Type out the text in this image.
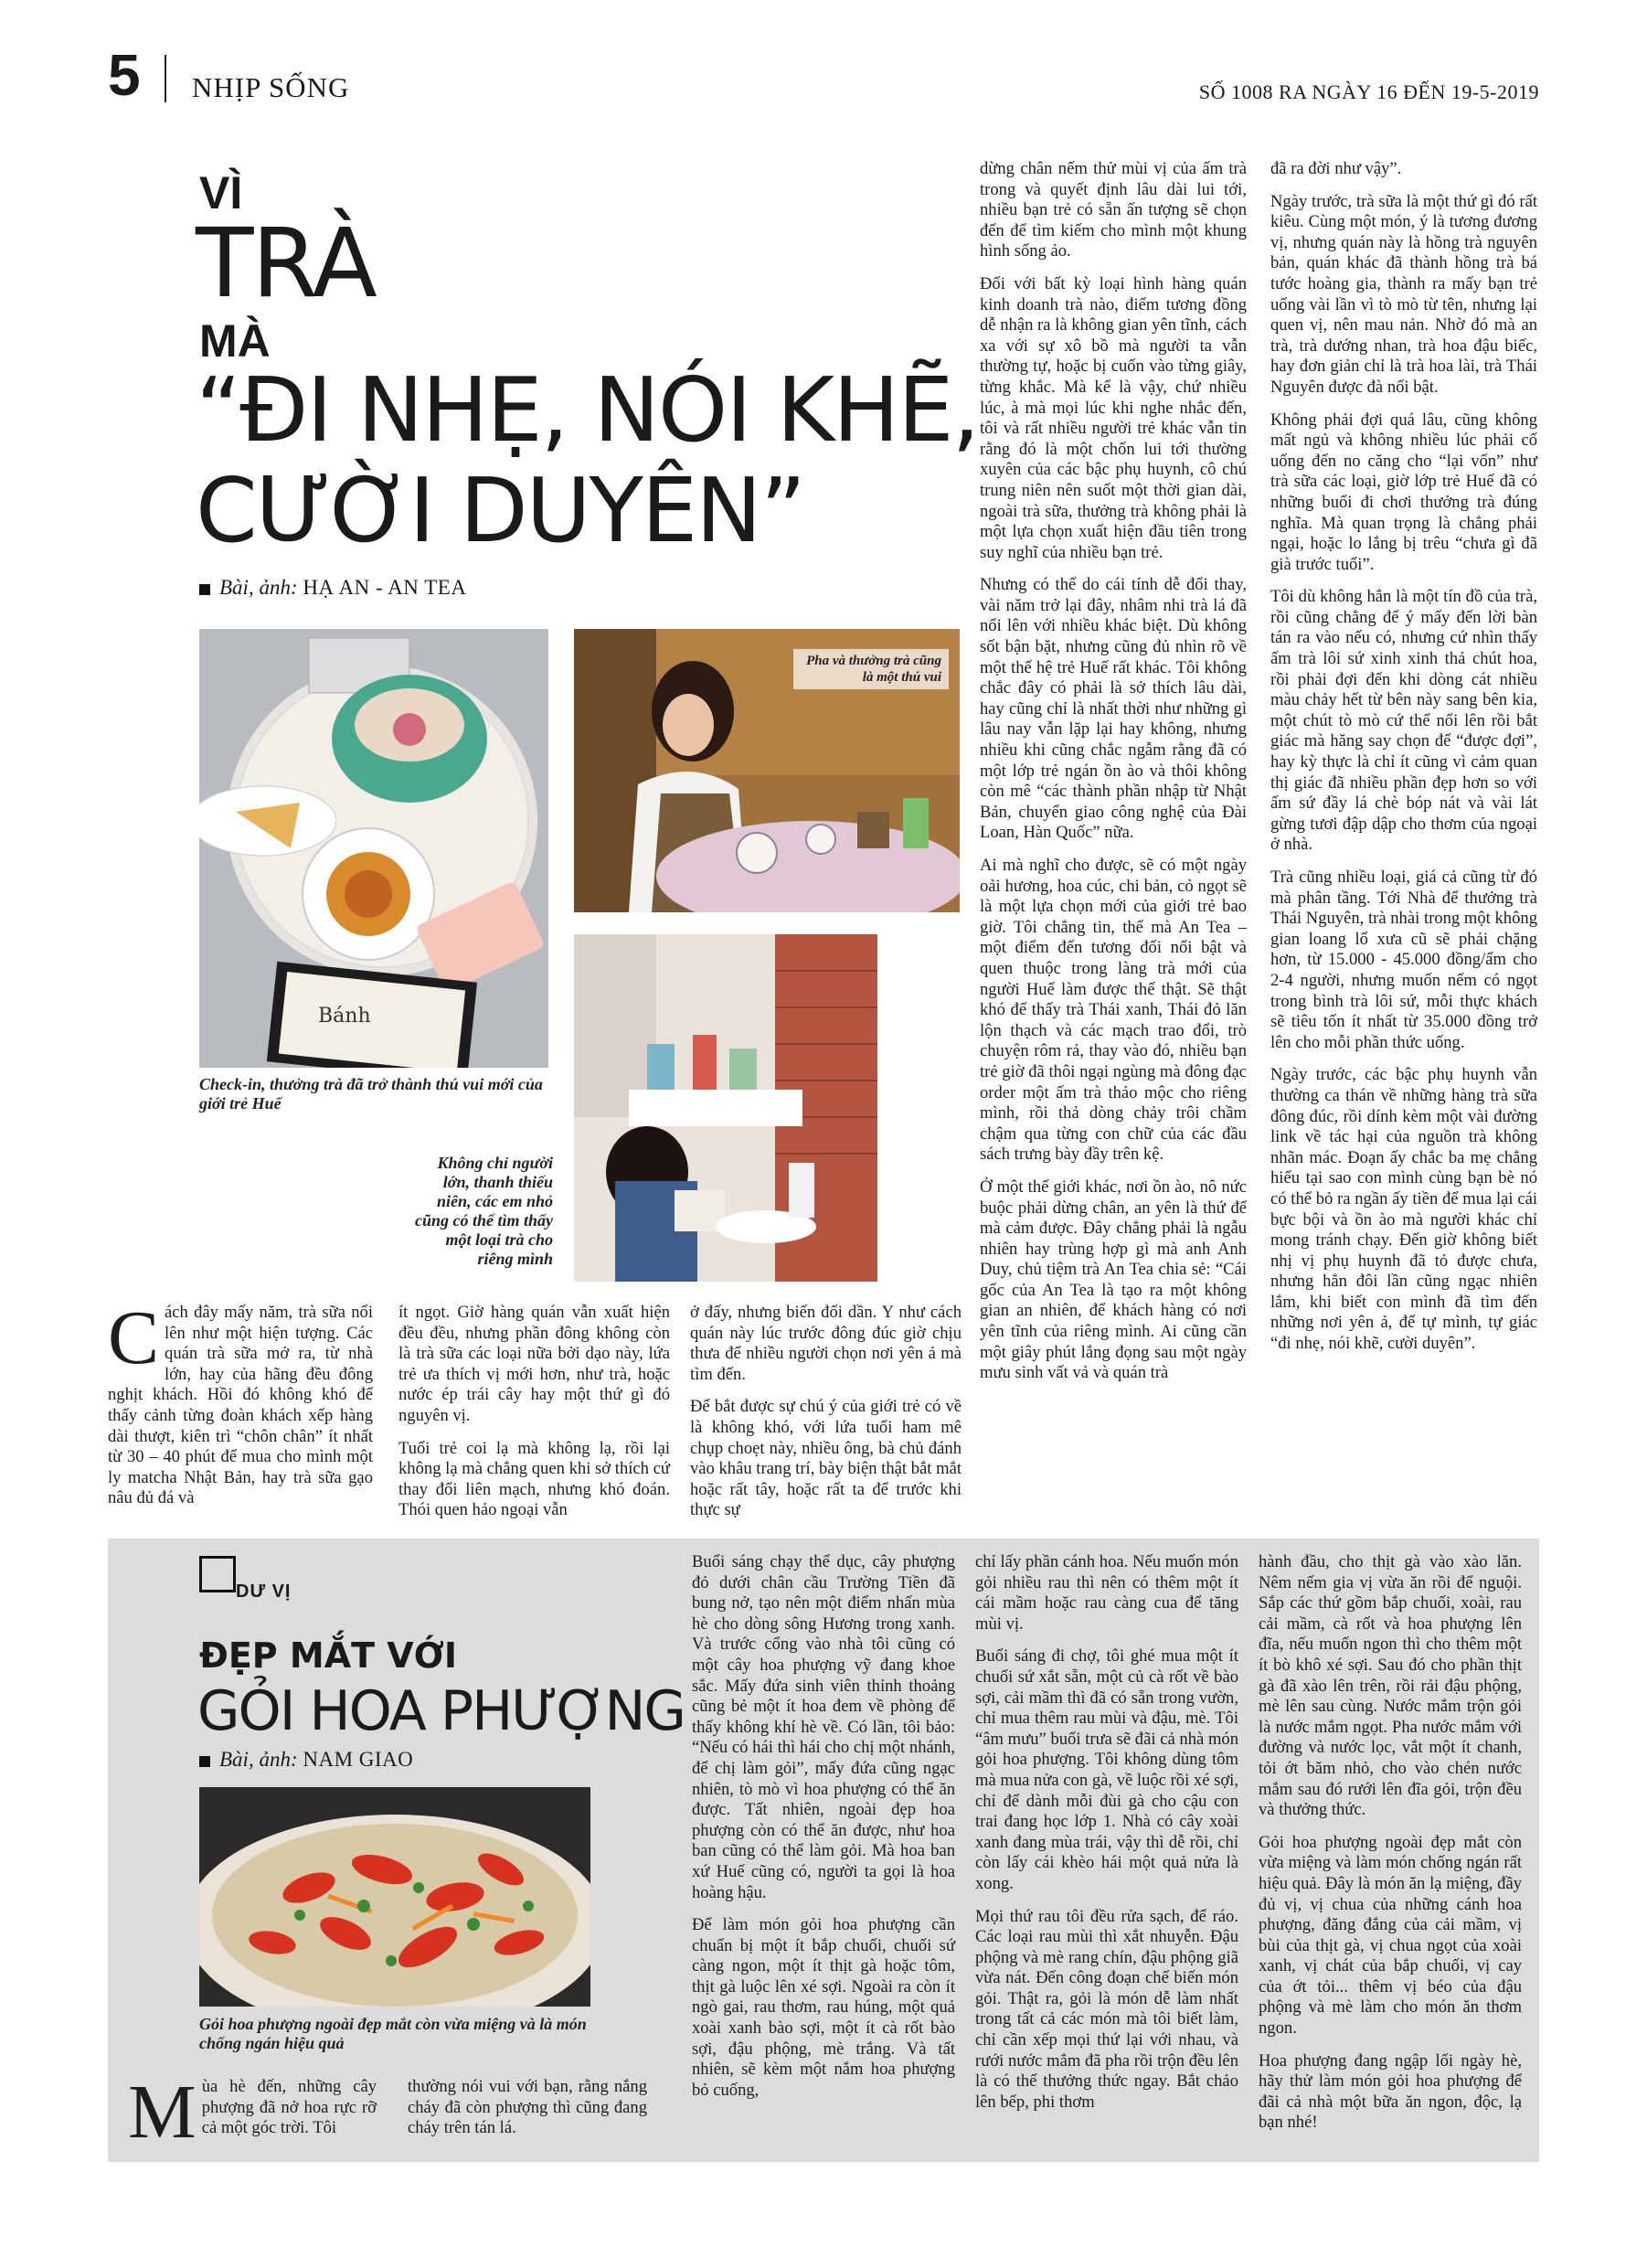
5 NHỊP SỐNG	SỐ 1008 RA NGÀY 16 ĐẾN 19-5-2019
VÌ
TRÀ
MÀ
“ĐI NHẸ, NÓI KHẼ,
CƯỜI DUYÊN”
Bài, ảnh: HẠ AN - AN TEA
Bánh
Check-in, thưởng trà đã trở thành thú vui mới của giới trẻ Huế
Pha và thưởng trà cũng là một thú vui
Không chỉ người lớn, thanh thiếu niên, các em nhỏ cũng có thể tìm thấy một loại trà cho riêng mình

Cách đây mấy năm, trà sữa nổi lên như một hiện tượng. Các quán trà sữa mở ra, từ nhà lớn, hay của hãng đều đông nghịt khách. Hồi đó không khó để thấy cảnh từng đoàn khách xếp hàng dài thượt, kiên trì “chôn chân” ít nhất từ 30 – 40 phút để mua cho mình một ly matcha Nhật Bản, hay trà sữa gạo nâu đủ đá và

ít ngọt. Giờ hàng quán vẫn xuất hiện đều đều, nhưng phần đông không còn là trà sữa các loại nữa bởi dạo này, lứa trẻ ưa thích vị mới hơn, như trà, hoặc nước ép trái cây hay một thứ gì đó nguyên vị.

Tuổi trẻ coi lạ mà không lạ, rồi lại không lạ mà chẳng quen khi sở thích cứ thay đổi liên mạch, nhưng khó đoán. Thói quen hảo ngoại vẫn

ở đấy, nhưng biến đổi dần. Y như cách quán này lúc trước đông đúc giờ chịu thưa để nhiều người chọn nơi yên ả mà tìm đến.

Để bắt được sự chú ý của giới trẻ có về là không khó, với lứa tuổi ham mê chụp choẹt này, nhiều ông, bà chủ đánh vào khâu trang trí, bày biện thật bắt mắt hoặc rất tây, hoặc rất ta để trước khi thực sự

dừng chân nếm thử mùi vị của ấm trà trong và quyết định lâu dài lui tới, nhiều bạn trẻ có sẵn ấn tượng sẽ chọn đến để tìm kiếm cho mình một khung hình sống ảo.

Đối với bất kỳ loại hình hàng quán kinh doanh trà nào, điểm tương đồng dễ nhận ra là không gian yên tĩnh, cách xa với sự xô bồ mà người ta vẫn thường tự, hoặc bị cuốn vào từng giây, từng khắc. Mà kể là vậy, chứ nhiều lúc, à mà mọi lúc khi nghe nhắc đến, tôi và rất nhiều người trẻ khác vẫn tin rằng đó là một chốn lui tới thường xuyên của các bậc phụ huynh, cô chú trung niên nên suốt một thời gian dài, ngoài trà sữa, thưởng trà không phải là một lựa chọn xuất hiện đầu tiên trong suy nghĩ của nhiều bạn trẻ.

Nhưng có thể do cái tính dễ đổi thay, vài năm trở lại đây, nhâm nhi trà lá đã nổi lên với nhiều khác biệt. Dù không sốt bận bặt, nhưng cũng đủ nhìn rõ về một thế hệ trẻ Huế rất khác. Tôi không chắc đây có phải là sở thích lâu dài, hay cũng chỉ là nhất thời như những gì lâu nay vẫn lặp lại hay không, nhưng nhiều khi cũng chắc ngẫm rằng đã có một lớp trẻ ngán ồn ào và thôi không còn mê “các thành phần nhập từ Nhật Bản, chuyển giao công nghệ của Đài Loan, Hàn Quốc” nữa.

Ai mà nghĩ cho được, sẽ có một ngày oải hương, hoa cúc, chi bản, cỏ ngọt sẽ là một lựa chọn mới của giới trẻ bao giờ. Tôi chẳng tin, thế mà An Tea – một điểm đến tương đối nổi bật và quen thuộc trong làng trà mới của người Huế làm được thế thật. Sẽ thật khó để thấy trà Thái xanh, Thái đỏ lăn lộn thạch và các mạch trao đổi, trò chuyện rôm rả, thay vào đó, nhiều bạn trẻ giờ đã thôi ngại ngùng mà đông đạc order một ấm trà thảo mộc cho riêng mình, rồi thả dòng chảy trôi chầm chậm qua từng con chữ của các đầu sách trưng bày đầy trên kệ.

Ở một thế giới khác, nơi ồn ào, nô nức buộc phải dừng chân, an yên là thứ để mà cảm được. Đây chẳng phải là ngẫu nhiên hay trùng hợp gì mà anh Anh Duy, chủ tiệm trà An Tea chia sẻ: “Cái gốc của An Tea là tạo ra một không gian an nhiên, để khách hàng có nơi yên tĩnh của riêng mình. Ai cũng cần một giây phút lắng đọng sau một ngày mưu sinh vất vả và quán trà

đã ra đời như vậy”.

Ngày trước, trà sữa là một thứ gì đó rất kiêu. Cùng một món, ý là tương đương vị, nhưng quán này là hồng trà nguyên bản, quán khác đã thành hồng trà bá tước hoàng gia, thành ra mấy bạn trẻ uống vài lần vì tò mò từ tên, nhưng lại quen vị, nên mau nản. Nhờ đó mà an trà, trà dướng nhan, trà hoa đậu biếc, hay đơn giản chỉ là trà hoa lài, trà Thái Nguyên được đà nổi bật.

Không phải đợi quá lâu, cũng không mất ngủ và không nhiều lúc phải cố uống đến no căng cho “lại vốn” như trà sữa các loại, giờ lớp trẻ Huế đã có những buổi đi chơi thưởng trà đúng nghĩa. Mà quan trọng là chẳng phải ngại, hoặc lo lắng bị trêu “chưa gì đã già trước tuổi”.

Tôi dù không hẳn là một tín đồ của trà, rồi cũng chẳng để ý mấy đến lời bàn tán ra vào nếu có, nhưng cứ nhìn thấy ấm trà lôi sứ xinh xinh thả chút hoa, rồi phải đợi đến khi dòng cát nhiều màu chảy hết từ bên này sang bên kia, một chút tò mò cứ thể nổi lên rồi bắt giác mà hăng say chọn để “được đợi”, hay kỳ thực là chỉ ít cũng vì cảm quan thị giác đã nhiều phần đẹp hơn so với ấm sứ đầy lá chè bóp nát và vài lát gừng tươi đập dập cho thơm của ngoại ở nhà.

Trà cũng nhiều loại, giá cả cũng từ đó mà phân tầng. Tới Nhà để thưởng trà Thái Nguyên, trà nhài trong một không gian loang lổ xưa cũ sẽ phải chặng hơn, từ 15.000 - 45.000 đồng/ấm cho 2-4 người, nhưng muốn nếm có ngọt trong bình trà lôi sứ, mỗi thực khách sẽ tiêu tốn ít nhất từ 35.000 đồng trở lên cho mỗi phần thức uống.

Ngày trước, các bậc phụ huynh vẫn thường ca thán về những hàng trà sữa đông đúc, rồi dính kèm một vài đường link về tác hại của nguồn trà không nhãn mác. Đoạn ấy chắc ba mẹ chẳng hiểu tại sao con mình cùng bạn bè nó có thể bỏ ra ngần ấy tiền để mua lại cái bực bội và ồn ào mà người khác chỉ mong tránh chạy. Đến giờ không biết nhị vị phụ huynh đã tỏ được chưa, nhưng hẳn đôi lần cũng ngạc nhiên lắm, khi biết con mình đã tìm đến những nơi yên ả, để tự mình, tự giác “đi nhẹ, nói khẽ, cười duyên”.

DƯ VỊ
ĐẸP MẮT VỚI
GỎI HOA PHƯỢNG
Bài, ảnh: NAM GIAO
Gỏi hoa phượng ngoài đẹp mắt còn vừa miệng và là món chống ngán hiệu quả

Mùa hè đến, những cây phượng đã nở hoa rực rỡ cả một góc trời. Tôi

thường nói vui với bạn, rằng nắng cháy đã còn phượng thì cũng đang cháy trên tán lá.

Buổi sáng chạy thể dục, cây phượng đỏ dưới chân cầu Trường Tiền đã bung nở, tạo nên một điểm nhấn mùa hè cho dòng sông Hương trong xanh. Và trước cổng vào nhà tôi cũng có một cây hoa phượng vỹ đang khoe sắc. Mấy đứa sinh viên thỉnh thoảng cũng bẻ một ít hoa đem về phòng để thấy không khí hè về. Có lần, tôi bảo: “Nếu có hái thì hái cho chị một nhánh, để chị làm gỏi”, mấy đứa cũng ngạc nhiên, tò mò vì hoa phượng có thể ăn được. Tất nhiên, ngoài đẹp hoa phượng còn có thể ăn được, như hoa ban cũng có thể làm gỏi. Mà hoa ban xứ Huế cũng có, người ta gọi là hoa hoàng hậu.

Để làm món gỏi hoa phượng cần chuẩn bị một ít bắp chuối, chuối sứ càng ngon, một ít thịt gà hoặc tôm, thịt gà luộc lên xé sợi. Ngoài ra còn ít ngò gai, rau thơm, rau húng, một quả xoài xanh bào sợi, một ít cà rốt bào sợi, đậu phộng, mè trắng. Và tất nhiên, sẽ kèm một nắm hoa phượng bỏ cuống,

chỉ lấy phần cánh hoa. Nếu muốn món gỏi nhiều rau thì nên có thêm một ít cái mầm hoặc rau càng cua để tăng mùi vị.

Buổi sáng đi chợ, tôi ghé mua một ít chuối sứ xắt sẵn, một củ cà rốt về bào sợi, cải mầm thì đã có sẵn trong vườn, chỉ mua thêm rau mùi và đậu, mè. Tôi “âm mưu” buổi trưa sẽ đãi cả nhà món gỏi hoa phượng. Tôi không dùng tôm mà mua nửa con gà, về luộc rồi xé sợi, chỉ để dành mỗi đùi gà cho cậu con trai đang học lớp 1. Nhà có cây xoài xanh đang mùa trái, vậy thì dễ rồi, chỉ còn lấy cái khèo hái một quả nửa là xong.

Mọi thứ rau tôi đều rửa sạch, để ráo. Các loại rau mùi thì xắt nhuyễn. Đậu phộng và mè rang chín, đậu phộng giã vừa nát. Đến công đoạn chế biến món gỏi. Thật ra, gỏi là món dễ làm nhất trong tất cả các món mà tôi biết làm, chỉ cần xếp mọi thứ lại với nhau, và rưới nước mắm đã pha rồi trộn đều lên là có thể thưởng thức ngay. Bắt chảo lên bếp, phi thơm

hành đầu, cho thịt gà vào xào lăn. Nêm nếm gia vị vừa ăn rồi để nguội. Sắp các thứ gồm bắp chuối, xoài, rau cải mầm, cà rốt và hoa phượng lên đĩa, nếu muốn ngon thì cho thêm một ít bò khô xé sợi. Sau đó cho phần thịt gà đã xào lên trên, rồi rải đậu phộng, mè lên sau cùng. Nước mắm trộn gỏi là nước mắm ngọt. Pha nước mắm với đường và nước lọc, vắt một ít chanh, tỏi ớt băm nhỏ, cho vào chén nước mắm sau đó rưới lên đĩa gỏi, trộn đều và thưởng thức.

Gỏi hoa phượng ngoài đẹp mắt còn vừa miệng và làm món chống ngán rất hiệu quả. Đây là món ăn lạ miệng, đầy đủ vị, vị chua của những cánh hoa phượng, đăng đắng của cải mầm, vị bùi của thịt gà, vị chua ngọt của xoài xanh, vị chát của bắp chuối, vị cay của ớt tỏi... thêm vị béo của đậu phộng và mè làm cho món ăn thơm ngon.

Hoa phượng đang ngập lối ngày hè, hãy thử làm món gỏi hoa phượng để đãi cả nhà một bữa ăn ngon, độc, lạ bạn nhé!
